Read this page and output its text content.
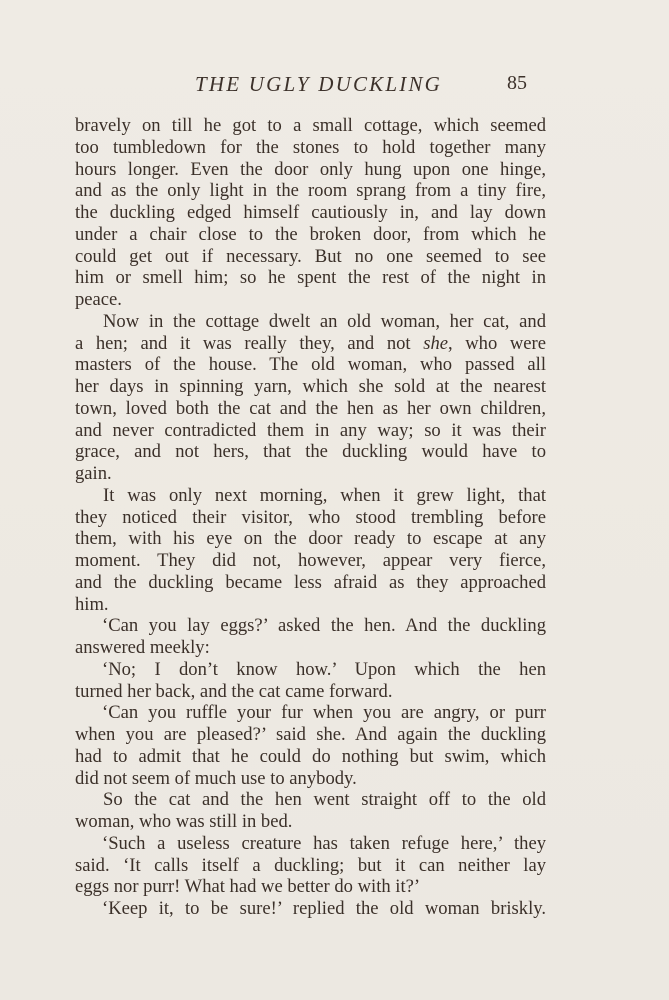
THE UGLY DUCKLING	85
bravely on till he got to a small cottage, which seemed
too tumbledown for the stones to hold together many
hours longer. Even the door only hung upon one hinge,
and as the only light in the room sprang from a tiny fire,
the duckling edged himself cautiously in, and lay down
under a chair close to the broken door, from which he
could get out if necessary. But no one seemed to see
him or smell him; so he spent the rest of the night in
peace.
Now in the cottage dwelt an old woman, her cat, and
a hen; and it was really they, and not she, who were
masters of the house. The old woman, who passed all
her days in spinning yarn, which she sold at the nearest
town, loved both the cat and the hen as her own children,
and never contradicted them in any way; so it was their
grace, and not hers, that the duckling would have to
gain.
It was only next morning, when it grew light, that
they noticed their visitor, who stood trembling before
them, with his eye on the door ready to escape at any
moment. They did not, however, appear very fierce,
and the duckling became less afraid as they approached
him.
‘Can you lay eggs?’ asked the hen. And the duckling
answered meekly:
‘No; I don’t know how.’ Upon which the hen
turned her back, and the cat came forward.
‘Can you ruffle your fur when you are angry, or purr
when you are pleased?’ said she. And again the duckling
had to admit that he could do nothing but swim, which
did not seem of much use to anybody.
So the cat and the hen went straight off to the old
woman, who was still in bed.
‘Such a useless creature has taken refuge here,’ they
said. ‘It calls itself a duckling; but it can neither lay
eggs nor purr! What had we better do with it?’
‘Keep it, to be sure!’ replied the old woman briskly.
